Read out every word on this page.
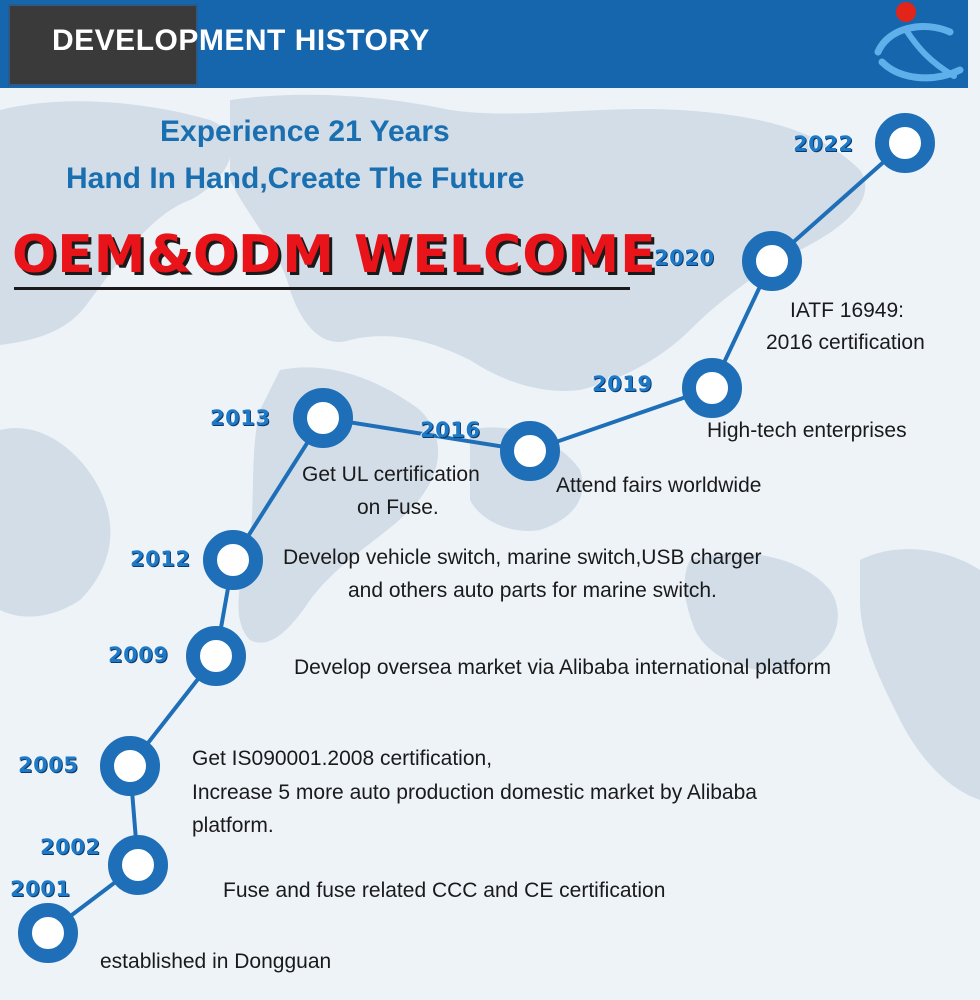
DEVELOPMENT HISTORY
Experience 21 Years
Hand In Hand,Create The Future
OEM&ODM WELCOME
2001
2002
2005
2009
2012
2013	2016
2019
2020
2022
established in Dongguan
Fuse and fuse related CCC and CE certification
Get IS090001.2008 certification,
Increase 5 more auto production domestic market by Alibaba
platform.
Develop oversea market via Alibaba international platform
Develop vehicle switch, marine switch,USB charger
and others auto parts for marine switch.
Get UL certification
on Fuse.
Attend fairs worldwide
High-tech enterprises
IATF 16949:
2016 certification
